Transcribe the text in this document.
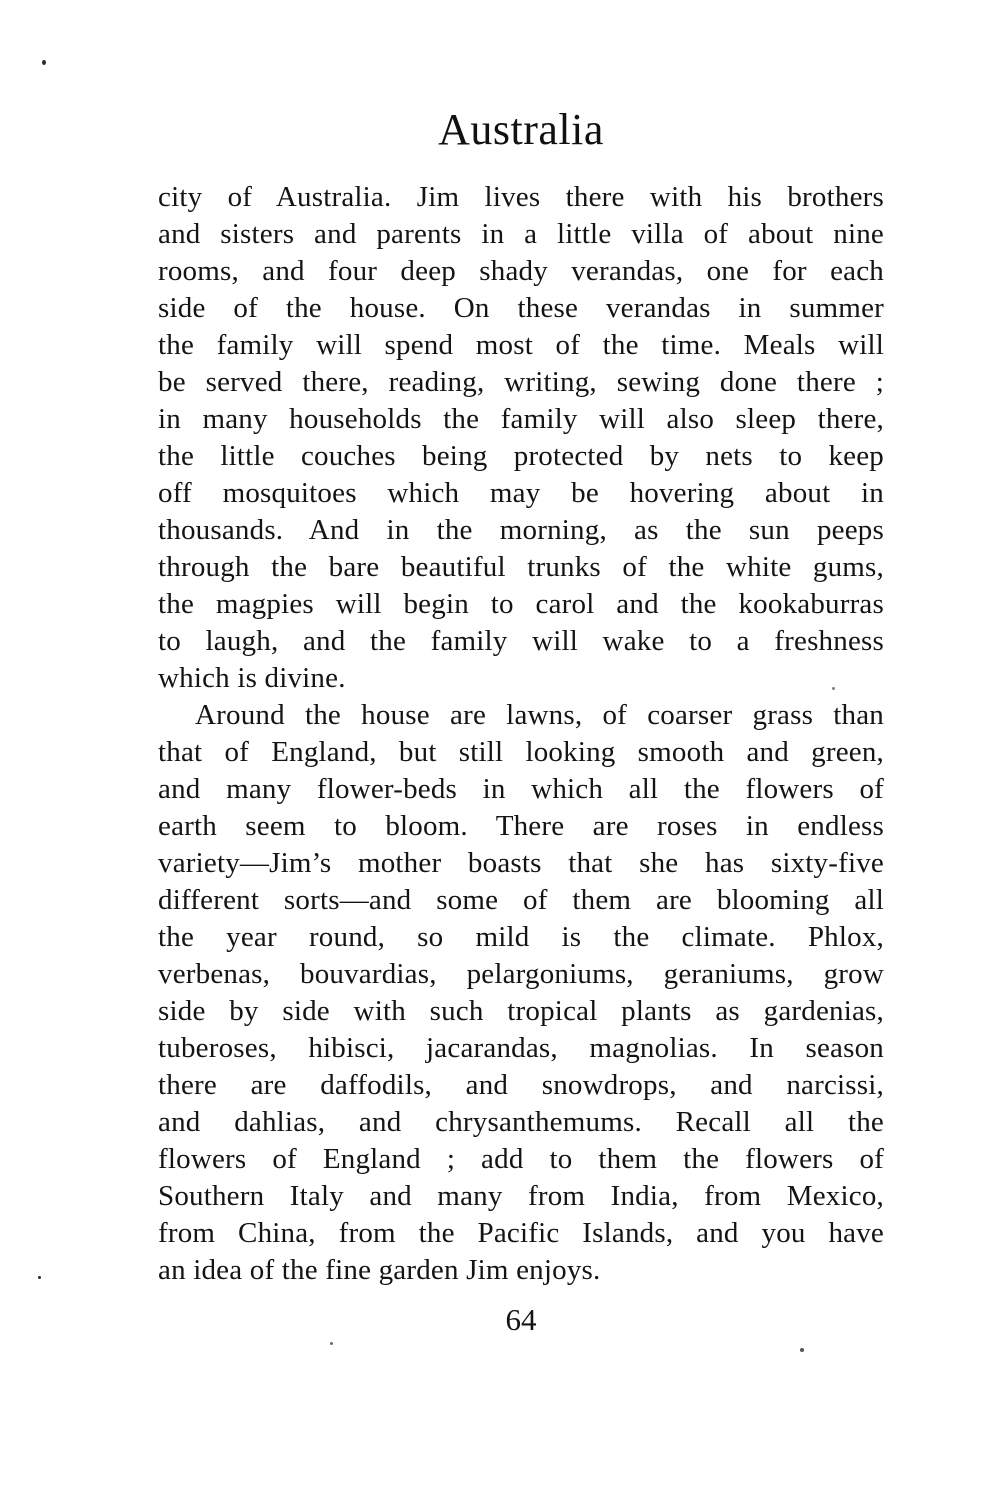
Australia
city of Australia. Jim lives there with his brothers
and sisters and parents in a little villa of about nine
rooms, and four deep shady verandas, one for each
side of the house. On these verandas in summer
the family will spend most of the time. Meals will
be served there, reading, writing, sewing done there ;
in many households the family will also sleep there,
the little couches being protected by nets to keep
off mosquitoes which may be hovering about in
thousands. And in the morning, as the sun peeps
through the bare beautiful trunks of the white gums,
the magpies will begin to carol and the kookaburras
to laugh, and the family will wake to a freshness
which is divine.
Around the house are lawns, of coarser grass than
that of England, but still looking smooth and green,
and many flower-beds in which all the flowers of
earth seem to bloom. There are roses in endless
variety—Jim’s mother boasts that she has sixty-five
different sorts—and some of them are blooming all
the year round, so mild is the climate. Phlox,
verbenas, bouvardias, pelargoniums, geraniums, grow
side by side with such tropical plants as gardenias,
tuberoses, hibisci, jacarandas, magnolias. In season
there are daffodils, and snowdrops, and narcissi,
and dahlias, and chrysanthemums. Recall all the
flowers of England ; add to them the flowers of
Southern Italy and many from India, from Mexico,
from China, from the Pacific Islands, and you have
an idea of the fine garden Jim enjoys.
64
